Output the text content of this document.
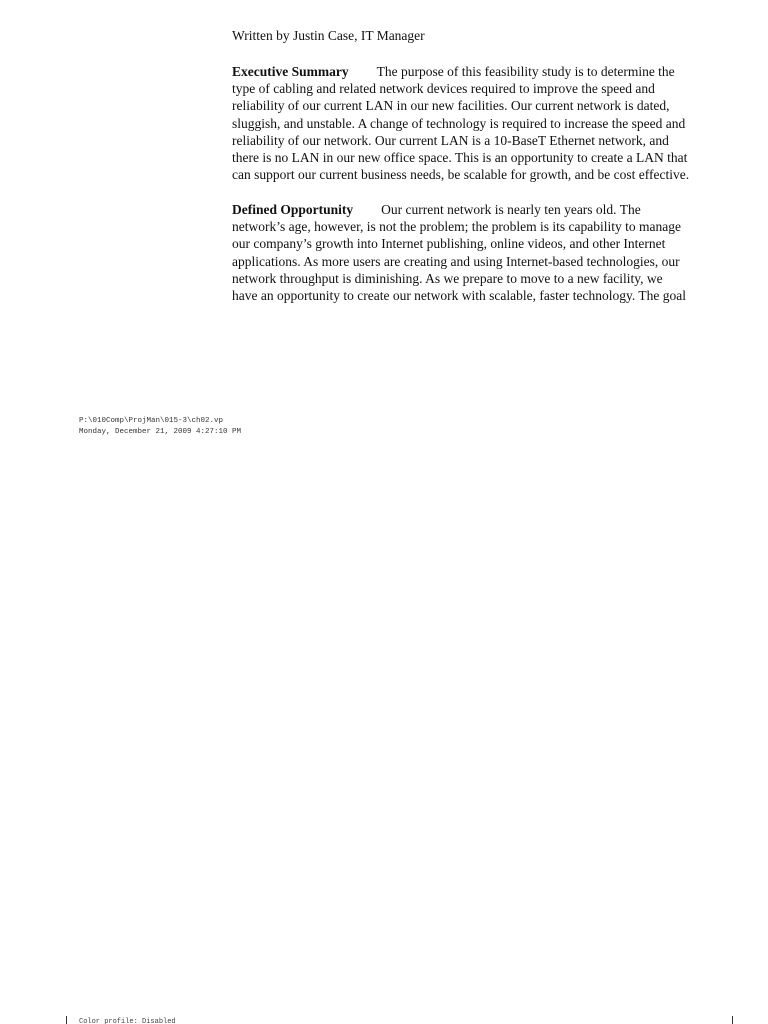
Written by Justin Case, IT Manager
Executive Summary The purpose of this feasibility study is to determine the
type of cabling and related network devices required to improve the speed and
reliability of our current LAN in our new facilities. Our current network is dated,
sluggish, and unstable. A change of technology is required to increase the speed and
reliability of our network. Our current LAN is a 10-BaseT Ethernet network, and
there is no LAN in our new office space. This is an opportunity to create a LAN that
can support our current business needs, be scalable for growth, and be cost effective.
Defined Opportunity Our current network is nearly ten years old. The
network’s age, however, is not the problem; the problem is its capability to manage
our company’s growth into Internet publishing, online videos, and other Internet
applications. As more users are creating and using Internet-based technologies, our
network throughput is diminishing. As we prepare to move to a new facility, we
have an opportunity to create our network with scalable, faster technology. The goal
P:\010Comp\ProjMan\015-3\ch02.vp
Monday, December 21, 2009 4:27:10 PM
Color profile: Disabled
